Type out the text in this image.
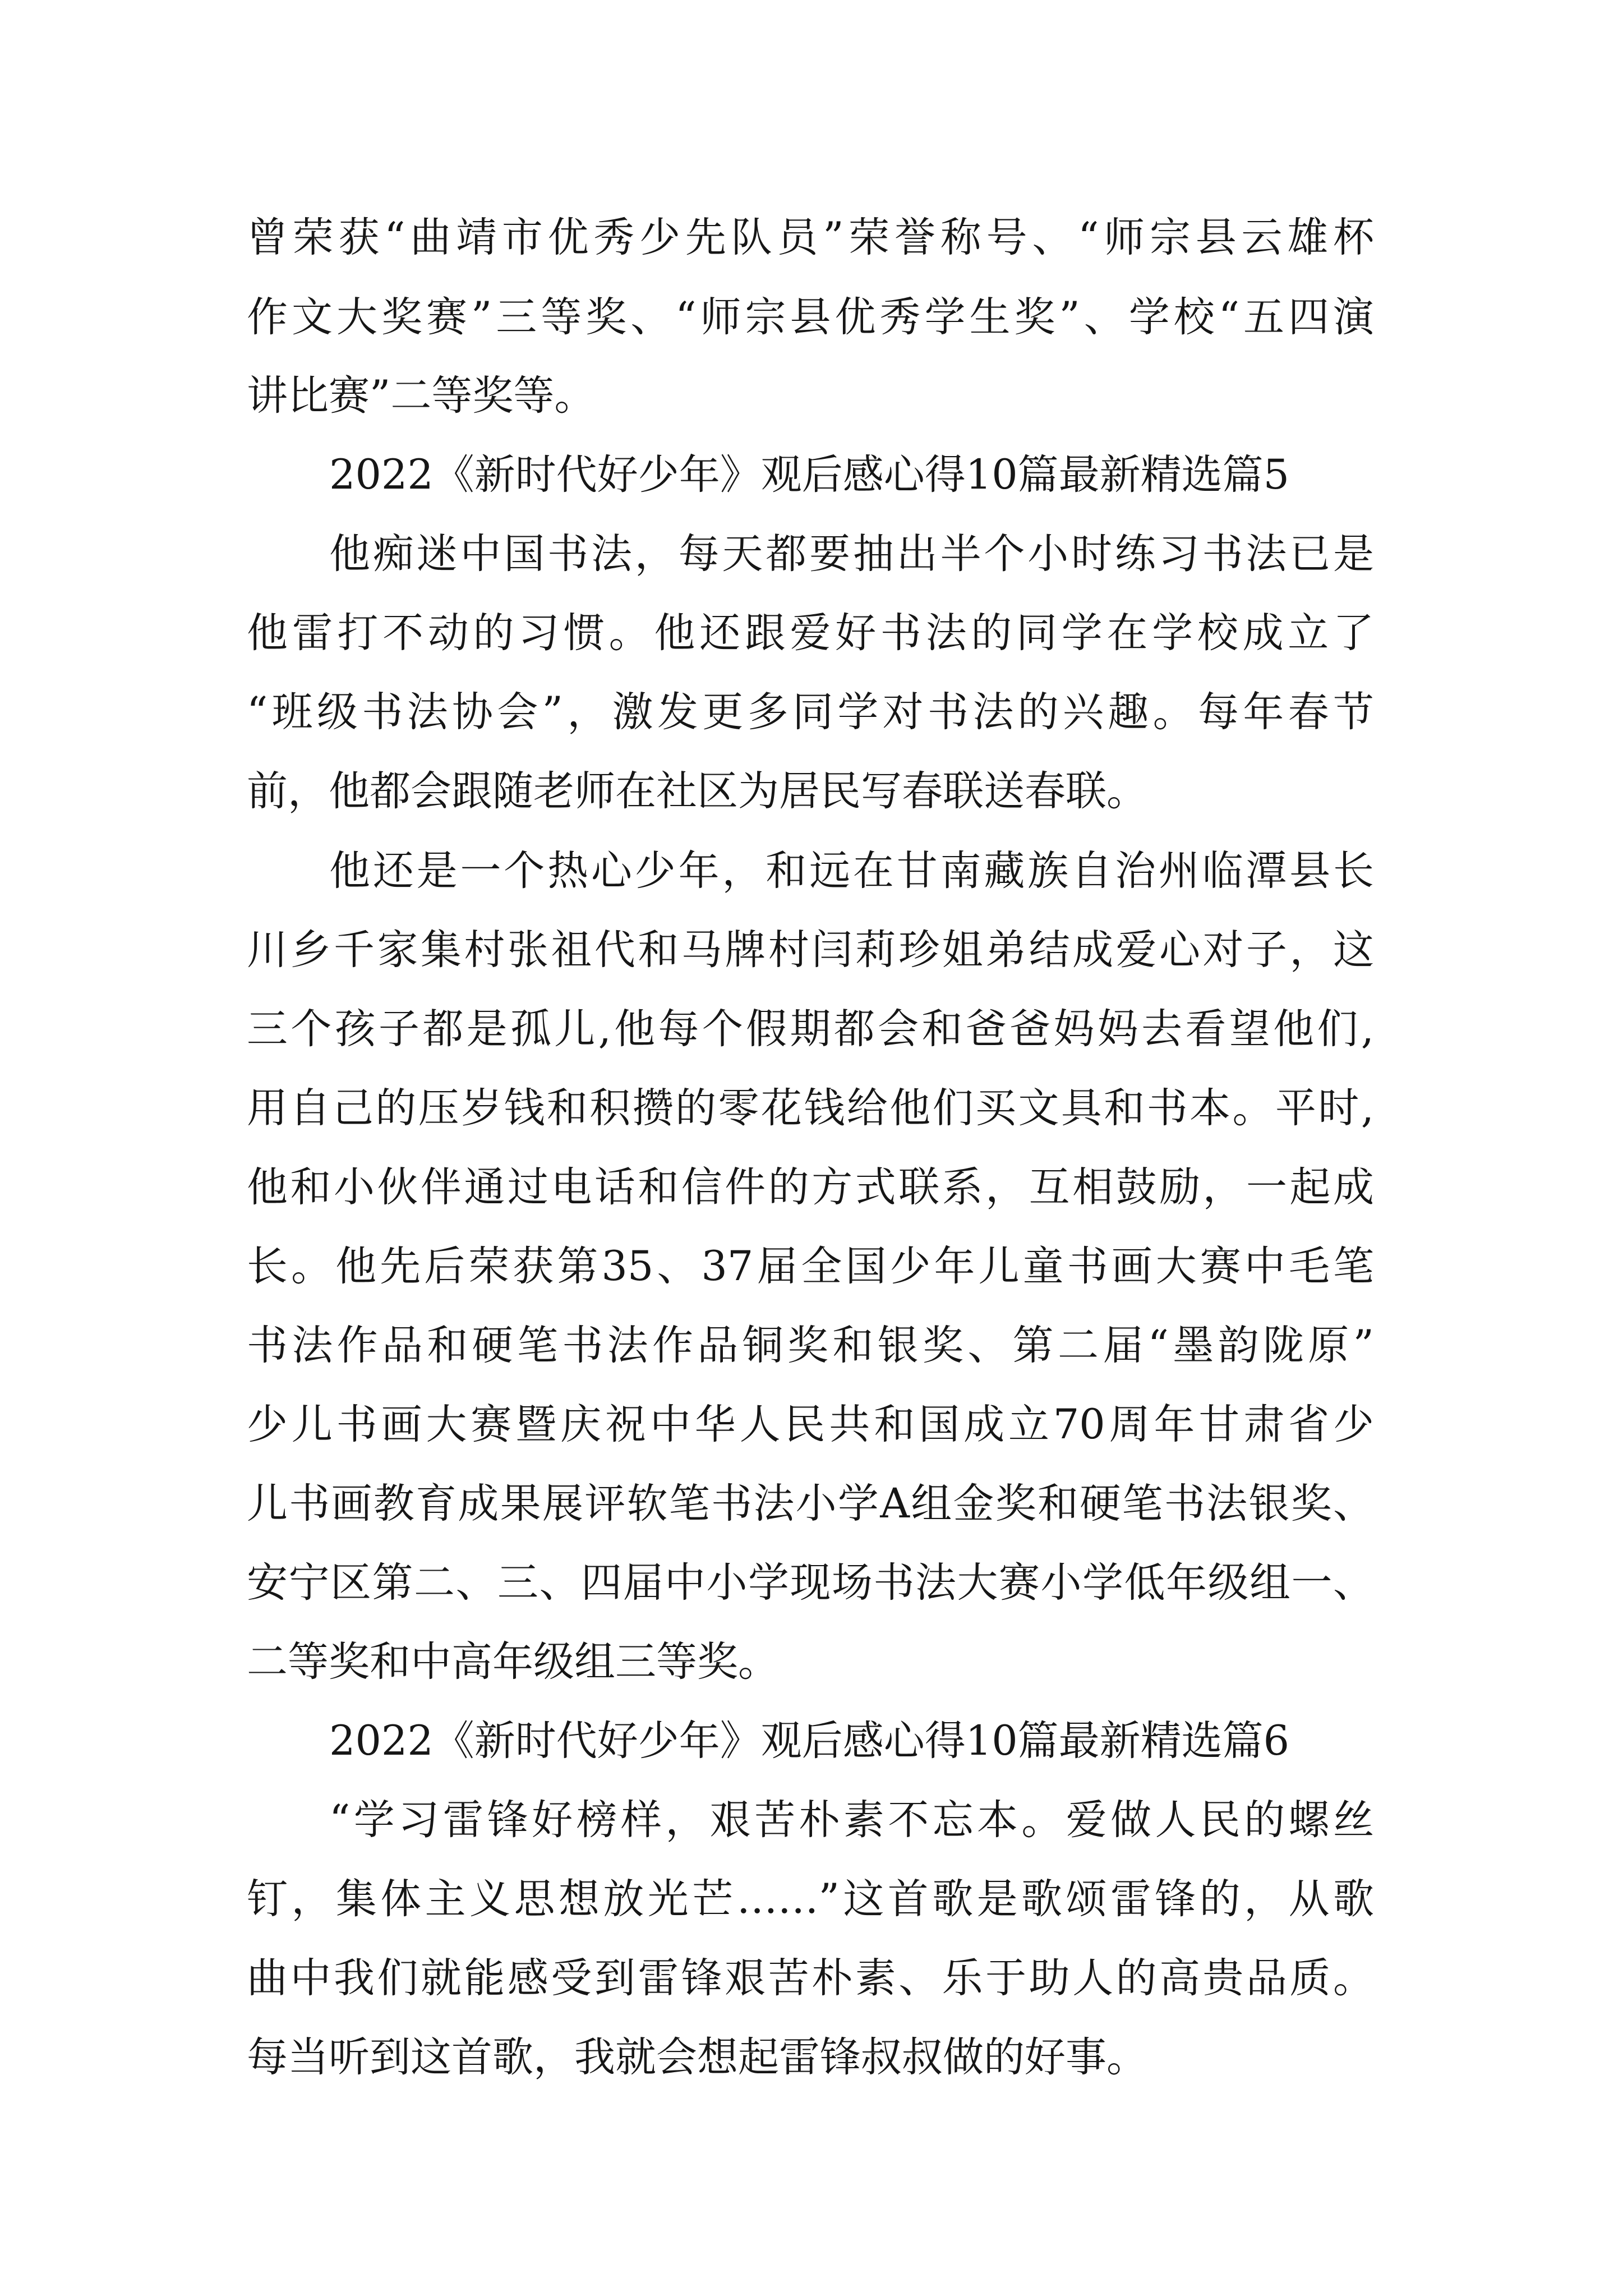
曾荣获“曲靖市优秀少先队员”荣誉称号、“师宗县云雄杯
作文大奖赛”三等奖、“师宗县优秀学生奖”、学校“五四演
讲比赛”二等奖等。
2022《新时代好少年》观后感心得10篇最新精选篇5
他痴迷中国书法，每天都要抽出半个小时练习书法已是
他雷打不动的习惯。他还跟爱好书法的同学在学校成立了
“班级书法协会”，激发更多同学对书法的兴趣。每年春节
前，他都会跟随老师在社区为居民写春联送春联。
他还是一个热心少年，和远在甘南藏族自治州临潭县长
川乡千家集村张祖代和马牌村闫莉珍姐弟结成爱心对子，这
三个孩子都是孤儿,他每个假期都会和爸爸妈妈去看望他们,
用自己的压岁钱和积攒的零花钱给他们买文具和书本。平时,
他和小伙伴通过电话和信件的方式联系，互相鼓励，一起成
长。他先后荣获第35、37届全国少年儿童书画大赛中毛笔
书法作品和硬笔书法作品铜奖和银奖、第二届“墨韵陇原”
少儿书画大赛暨庆祝中华人民共和国成立70周年甘肃省少
儿书画教育成果展评软笔书法小学A组金奖和硬笔书法银奖、
安宁区第二、三、四届中小学现场书法大赛小学低年级组一、
二等奖和中高年级组三等奖。
2022《新时代好少年》观后感心得10篇最新精选篇6
“学习雷锋好榜样，艰苦朴素不忘本。爱做人民的螺丝
钉，集体主义思想放光芒……”这首歌是歌颂雷锋的，从歌
曲中我们就能感受到雷锋艰苦朴素、乐于助人的高贵品质。
每当听到这首歌，我就会想起雷锋叔叔做的好事。
